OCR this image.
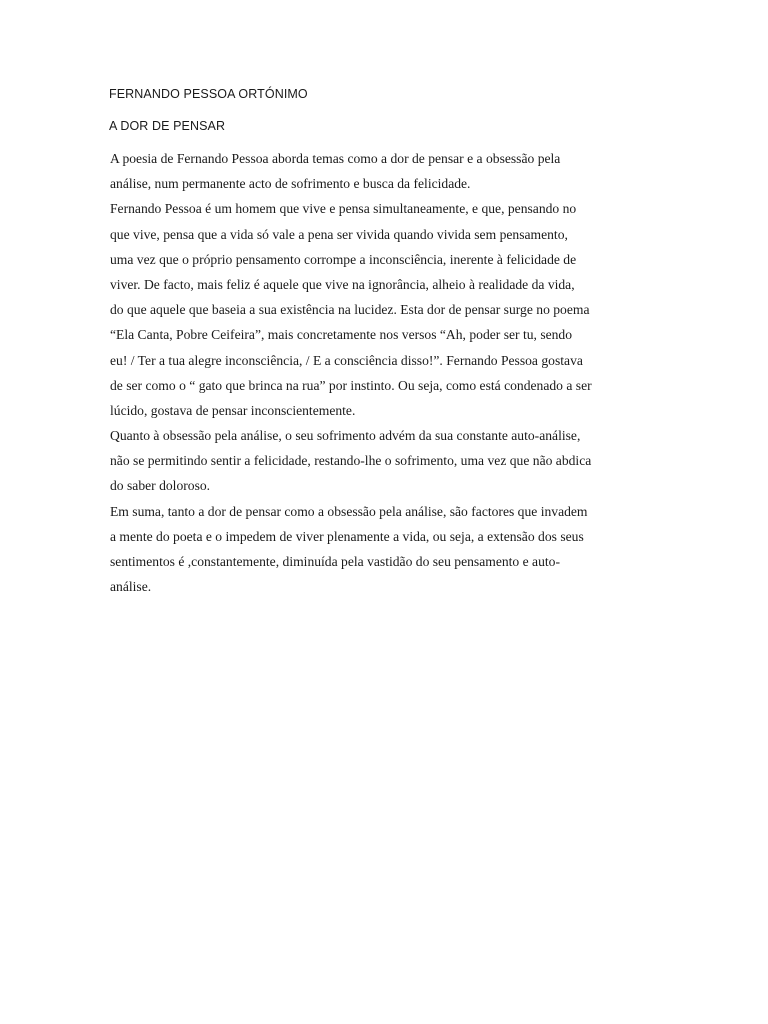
FERNANDO PESSOA ORTÓNIMO
A DOR DE PENSAR
A poesia de Fernando Pessoa aborda temas como a dor de pensar e a obsessão pela
análise, num permanente acto de sofrimento e busca da felicidade.
Fernando Pessoa é um homem que vive e pensa simultaneamente, e que, pensando no
que vive, pensa que a vida só vale a pena ser vivida quando vivida sem pensamento,
uma vez que o próprio pensamento corrompe a inconsciência, inerente à felicidade de
viver. De facto, mais feliz é aquele que vive na ignorância, alheio à realidade da vida,
do que aquele que baseia a sua existência na lucidez. Esta dor de pensar surge no poema
“Ela Canta, Pobre Ceifeira”, mais concretamente nos versos “Ah, poder ser tu, sendo
eu! / Ter a tua alegre inconsciência, / E a consciência disso!”. Fernando Pessoa gostava
de ser como o “ gato que brinca na rua” por instinto. Ou seja, como está condenado a ser
lúcido, gostava de pensar inconscientemente.
Quanto à obsessão pela análise, o seu sofrimento advém da sua constante auto-análise,
não se permitindo sentir a felicidade, restando-lhe o sofrimento, uma vez que não abdica
do saber doloroso.
Em suma, tanto a dor de pensar como a obsessão pela análise, são factores que invadem
a mente do poeta e o impedem de viver plenamente a vida, ou seja, a extensão dos seus
sentimentos é ,constantemente, diminuída pela vastidão do seu pensamento e auto-
análise.
